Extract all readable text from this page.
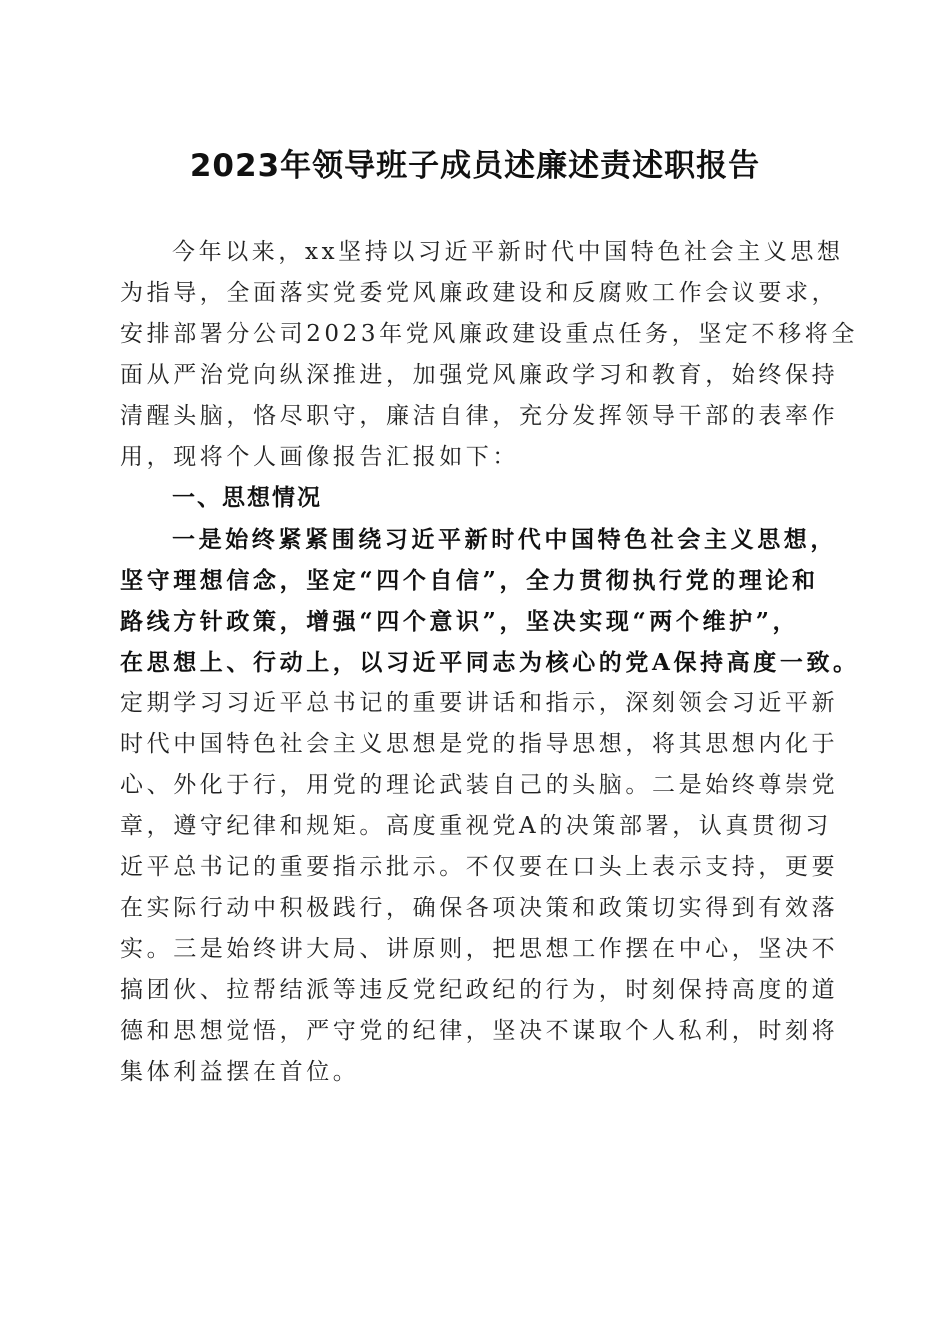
2023年领导班子成员述廉述责述职报告
今年以来，xx坚持以习近平新时代中国特色社会主义思想
为指导，全面落实党委党风廉政建设和反腐败工作会议要求，
安排部署分公司2023年党风廉政建设重点任务，坚定不移将全
面从严治党向纵深推进，加强党风廉政学习和教育，始终保持
清醒头脑，恪尽职守，廉洁自律，充分发挥领导干部的表率作
用，现将个人画像报告汇报如下：
一、思想情况
一是始终紧紧围绕习近平新时代中国特色社会主义思想，
坚守理想信念，坚定“四个自信”，全力贯彻执行党的理论和
路线方针政策，增强“四个意识”，坚决实现“两个维护”，
在思想上、行动上，以习近平同志为核心的党A保持高度一致。
定期学习习近平总书记的重要讲话和指示，深刻领会习近平新
时代中国特色社会主义思想是党的指导思想，将其思想内化于
心、外化于行，用党的理论武装自己的头脑。二是始终尊崇党
章，遵守纪律和规矩。高度重视党A的决策部署，认真贯彻习
近平总书记的重要指示批示。不仅要在口头上表示支持，更要
在实际行动中积极践行，确保各项决策和政策切实得到有效落
实。三是始终讲大局、讲原则，把思想工作摆在中心，坚决不
搞团伙、拉帮结派等违反党纪政纪的行为，时刻保持高度的道
德和思想觉悟，严守党的纪律，坚决不谋取个人私利，时刻将
集体利益摆在首位。
